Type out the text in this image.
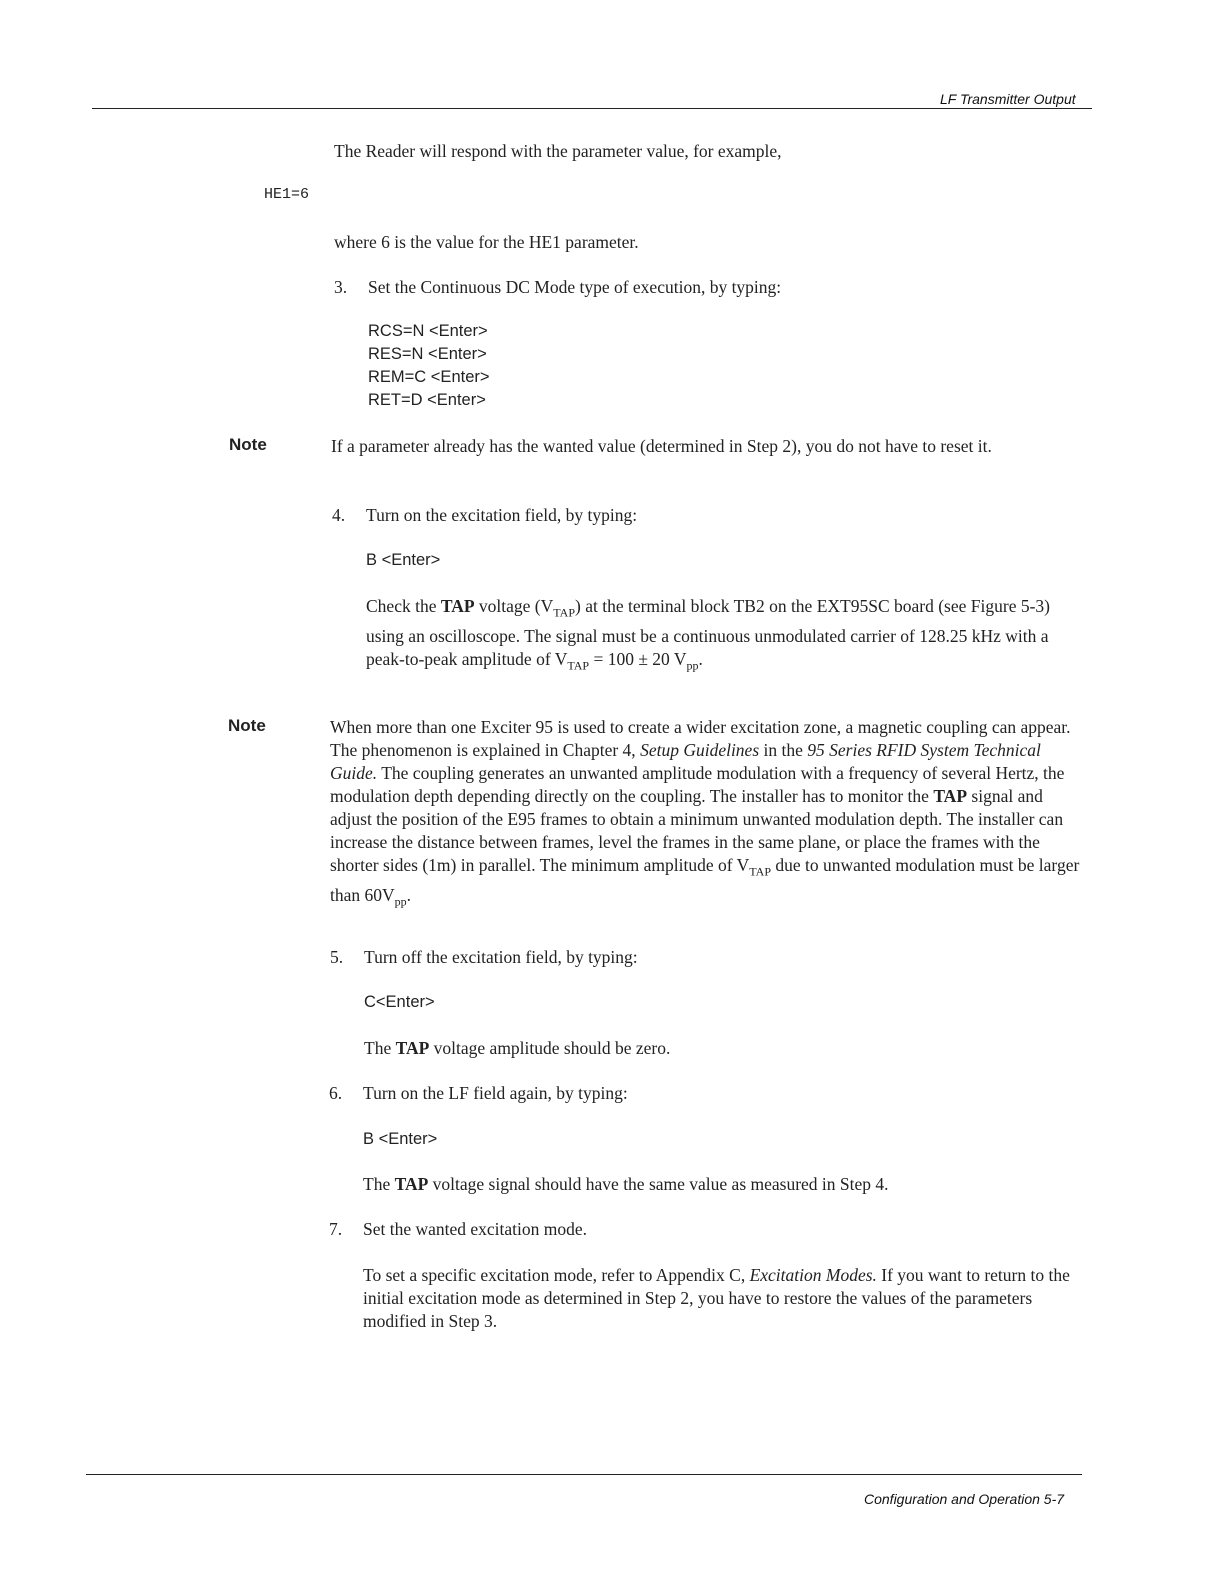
LF Transmitter Output
The Reader will respond with the parameter value, for example,
HE1=6
where 6 is the value for the HE1 parameter.
3. Set the Continuous DC Mode type of execution, by typing:
RCS=N <Enter>
RES=N <Enter>
REM=C <Enter>
RET=D <Enter>
Note	If a parameter already has the wanted value (determined in Step 2), you do not have to reset it.
4. Turn on the excitation field, by typing:
B <Enter>
Check the TAP voltage $(V_{TAP})$ at the terminal block TB2 on the EXT95SC board (see Figure 5-3) using an oscilloscope. The signal must be a continuous unmodulated carrier of 128.25 kHz with a peak-to-peak amplitude of $V_{TAP} = 100 \pm 20$ $V_{pp}$.
Note	When more than one Exciter 95 is used to create a wider excitation zone, a magnetic coupling can appear. The phenomenon is explained in Chapter 4, Setup Guidelines in the 95 Series RFID System Technical Guide. The coupling generates an unwanted amplitude modulation with a frequency of several Hertz, the modulation depth depending directly on the coupling. The installer has to monitor the TAP signal and adjust the position of the E95 frames to obtain a minimum unwanted modulation depth. The installer can increase the distance between frames, level the frames in the same plane, or place the frames with the shorter sides (1m) in parallel. The minimum amplitude of $V_{TAP}$ due to unwanted modulation must be larger than $60V_{pp}$.
5. Turn off the excitation field, by typing:
C<Enter>
The TAP voltage amplitude should be zero.
6. Turn on the LF field again, by typing:
B <Enter>
The TAP voltage signal should have the same value as measured in Step 4.
7. Set the wanted excitation mode.
To set a specific excitation mode, refer to Appendix C, Excitation Modes. If you want to return to the initial excitation mode as determined in Step 2, you have to restore the values of the parameters modified in Step 3.
Configuration and Operation 5-7
